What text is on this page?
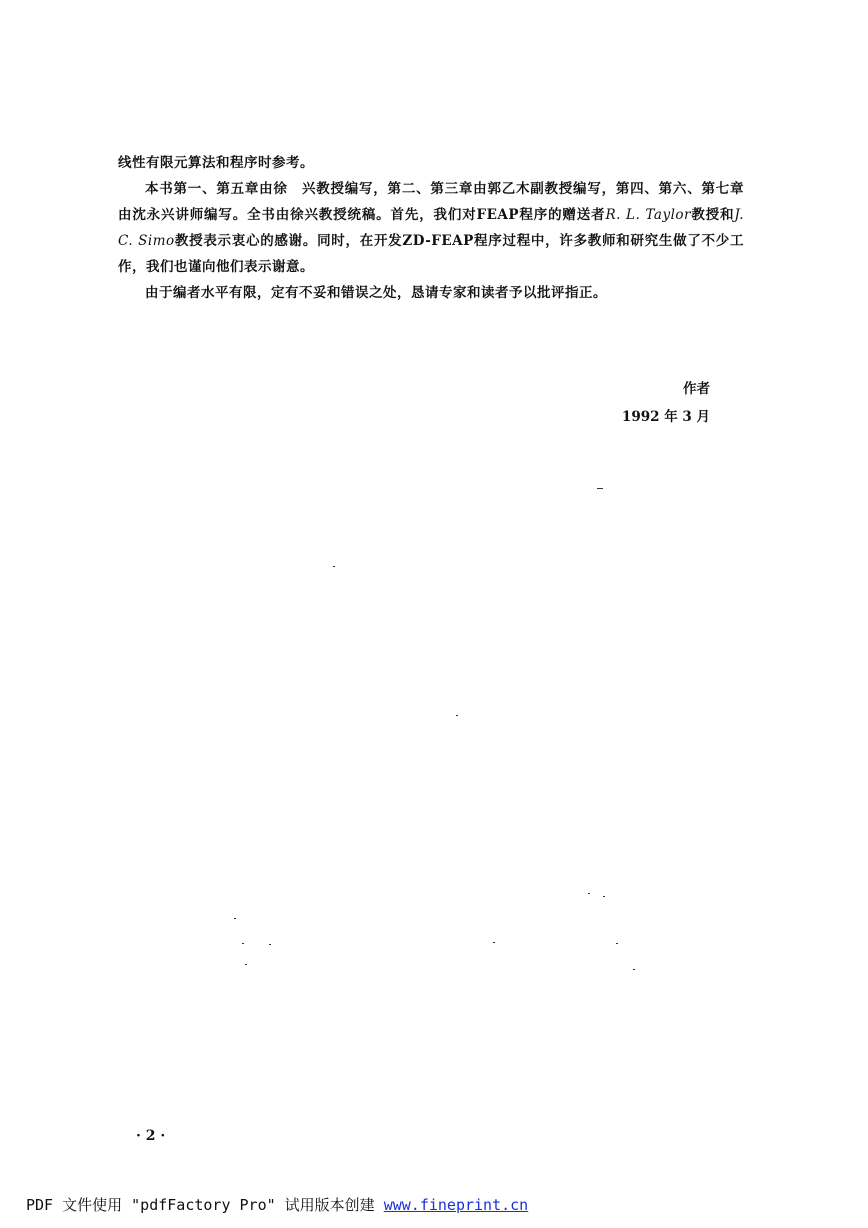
线性有限元算法和程序时参考。

本书第一、第五章由徐　兴教授编写，第二、第三章由郭乙木副教授编写，第四、第六、第七章由沈永兴讲师编写。全书由徐兴教授统稿。首先，我们对FEAP程序的赠送者R. L. Taylor教授和J. C. Simo教授表示衷心的感谢。同时，在开发ZD-FEAP程序过程中，许多教师和研究生做了不少工作，我们也谨向他们表示谢意。

由于编者水平有限，定有不妥和错误之处，恳请专家和读者予以批评指正。

作者
1992 年 3 月
· 2 ·
PDF 文件使用 "pdfFactory Pro" 试用版本创建 www.fineprint.cn
